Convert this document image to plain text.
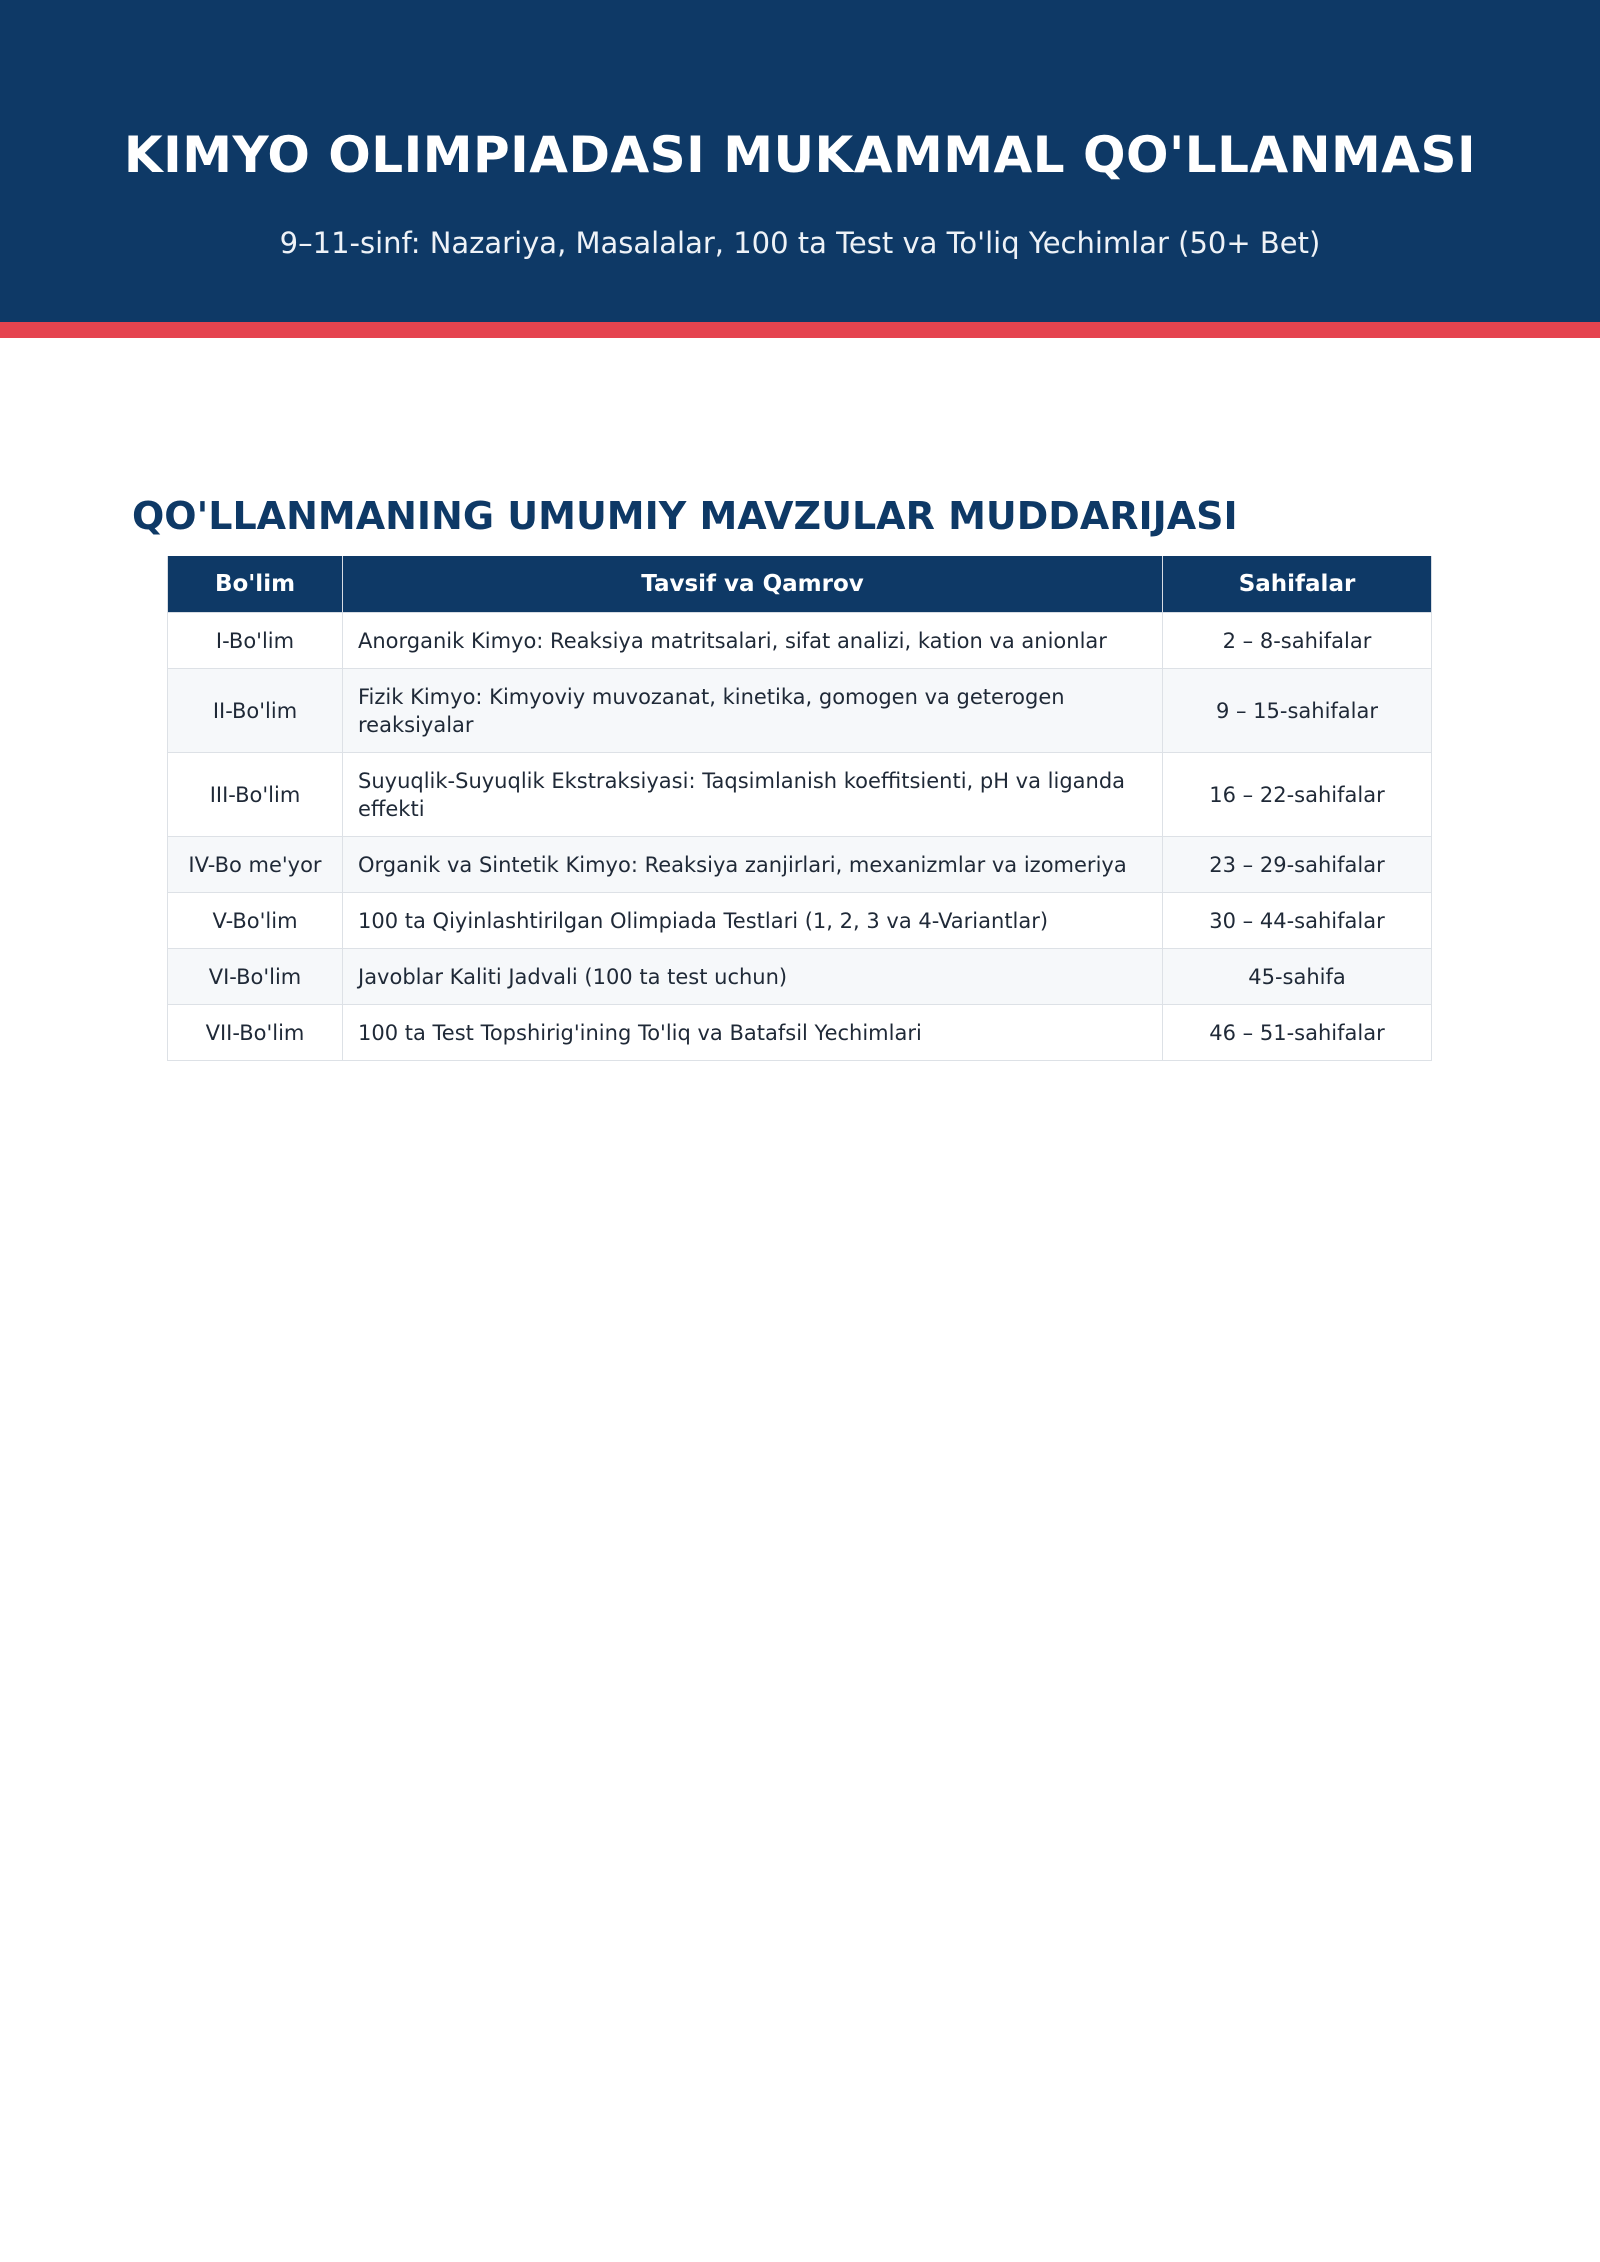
KIMYO OLIMPIADASI MUKAMMAL QO'LLANMASI

9–11-sinf: Nazariya, Masalalar, 100 ta Test va To'liq Yechimlar (50+ Bet)

QO'LLANMANING UMUMIY MAVZULAR MUDDARIJASI
Bo'lim	Tavsif va Qamrov	Sahifalar
I-Bo'lim	Anorganik Kimyo: Reaksiya matritsalari, sifat analizi, kation va anionlar	2 – 8-sahifalar
II-Bo'lim	Fizik Kimyo: Kimyoviy muvozanat, kinetika, gomogen va geterogen reaksiyalar	9 – 15-sahifalar
III-Bo'lim	Suyuqlik-Suyuqlik Ekstraksiyasi: Taqsimlanish koeffitsienti, pH va liganda effekti	16 – 22-sahifalar
IV-Bo me'yor	Organik va Sintetik Kimyo: Reaksiya zanjirlari, mexanizmlar va izomeriya	23 – 29-sahifalar
V-Bo'lim	100 ta Qiyinlashtirilgan Olimpiada Testlari (1, 2, 3 va 4-Variantlar)	30 – 44-sahifalar
VI-Bo'lim	Javoblar Kaliti Jadvali (100 ta test uchun)	45-sahifa
VII-Bo'lim	100 ta Test Topshirig'ining To'liq va Batafsil Yechimlari	46 – 51-sahifalar
